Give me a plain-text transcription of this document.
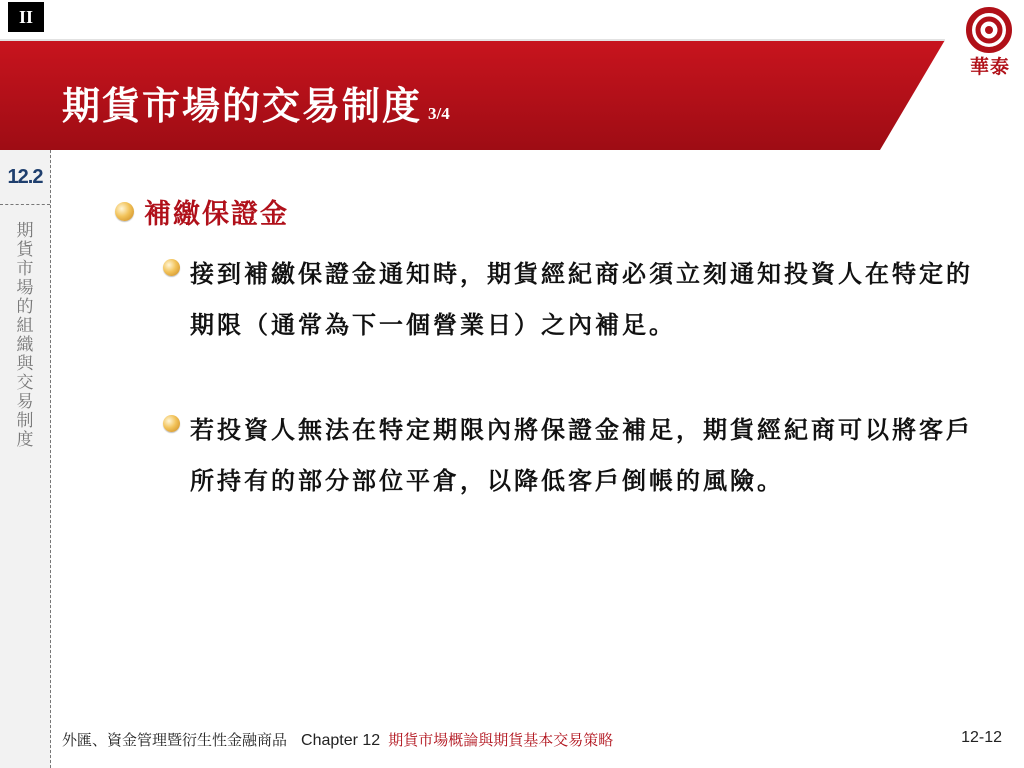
II
期貨市場的交易制度 3/4
華泰
12.2
期貨市場的組織與交易制度
補繳保證金
接到補繳保證金通知時，期貨經紀商必須立刻通知投資人在特定的期限（通常為下一個營業日）之內補足。
若投資人無法在特定期限內將保證金補足，期貨經紀商可以將客戶所持有的部分部位平倉，以降低客戶倒帳的風險。
外匯、資金管理暨衍生性金融商品 Chapter 12 期貨市場概論與期貨基本交易策略	12-12
